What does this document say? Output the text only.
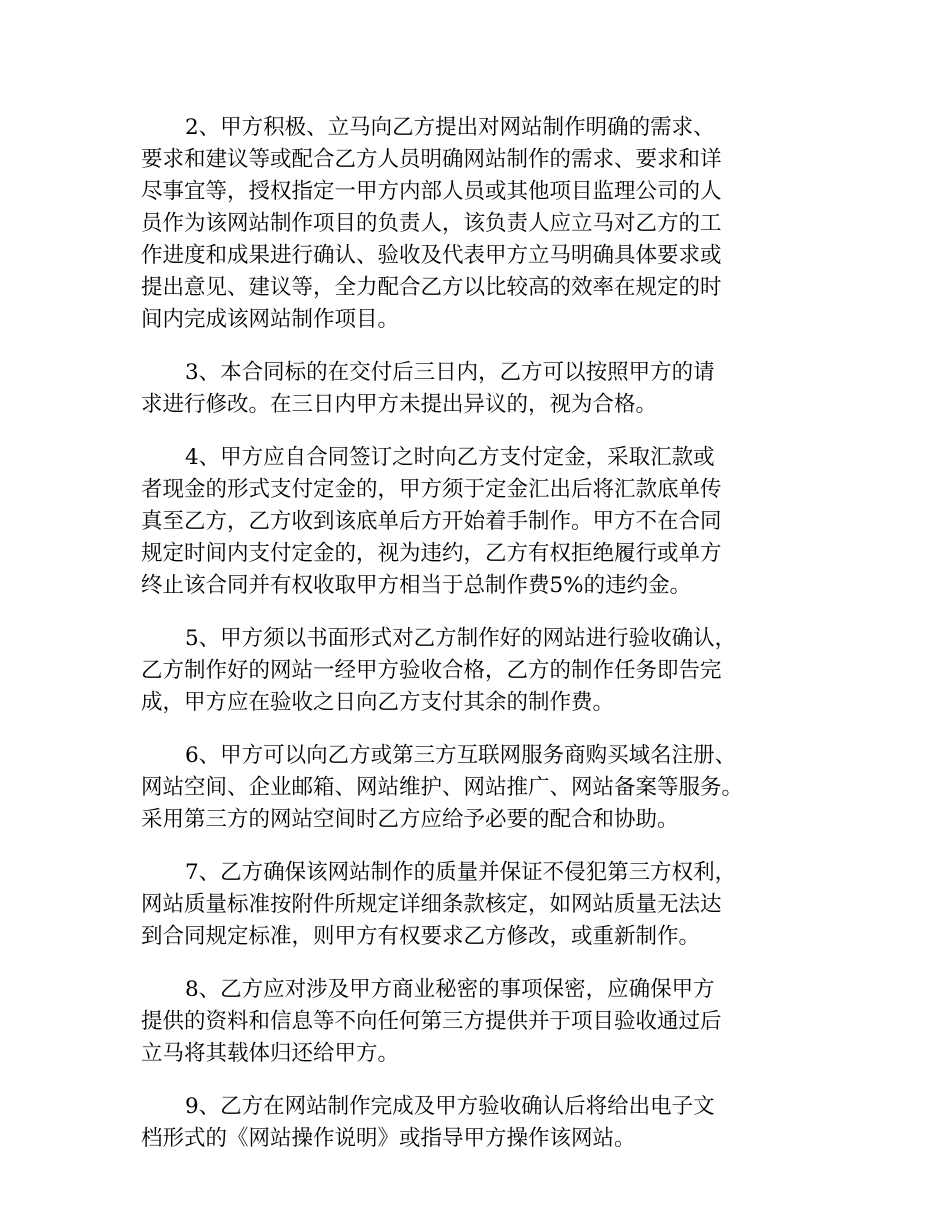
2、甲方积极、立马向乙方提出对网站制作明确的需求、
要求和建议等或配合乙方人员明确网站制作的需求、要求和详
尽事宜等，授权指定一甲方内部人员或其他项目监理公司的人
员作为该网站制作项目的负责人，该负责人应立马对乙方的工
作进度和成果进行确认、验收及代表甲方立马明确具体要求或
提出意见、建议等，全力配合乙方以比较高的效率在规定的时
间内完成该网站制作项目。

3、本合同标的在交付后三日内，乙方可以按照甲方的请
求进行修改。在三日内甲方未提出异议的，视为合格。

4、甲方应自合同签订之时向乙方支付定金，采取汇款或
者现金的形式支付定金的，甲方须于定金汇出后将汇款底单传
真至乙方，乙方收到该底单后方开始着手制作。甲方不在合同
规定时间内支付定金的，视为违约，乙方有权拒绝履行或单方
终止该合同并有权收取甲方相当于总制作费5%的违约金。

5、甲方须以书面形式对乙方制作好的网站进行验收确认，
乙方制作好的网站一经甲方验收合格，乙方的制作任务即告完
成，甲方应在验收之日向乙方支付其余的制作费。

6、甲方可以向乙方或第三方互联网服务商购买域名注册、
网站空间、企业邮箱、网站维护、网站推广、网站备案等服务。
采用第三方的网站空间时乙方应给予必要的配合和协助。

7、乙方确保该网站制作的质量并保证不侵犯第三方权利，
网站质量标准按附件所规定详细条款核定，如网站质量无法达
到合同规定标准，则甲方有权要求乙方修改，或重新制作。

8、乙方应对涉及甲方商业秘密的事项保密，应确保甲方
提供的资料和信息等不向任何第三方提供并于项目验收通过后
立马将其载体归还给甲方。

9、乙方在网站制作完成及甲方验收确认后将给出电子文
档形式的《网站操作说明》或指导甲方操作该网站。
